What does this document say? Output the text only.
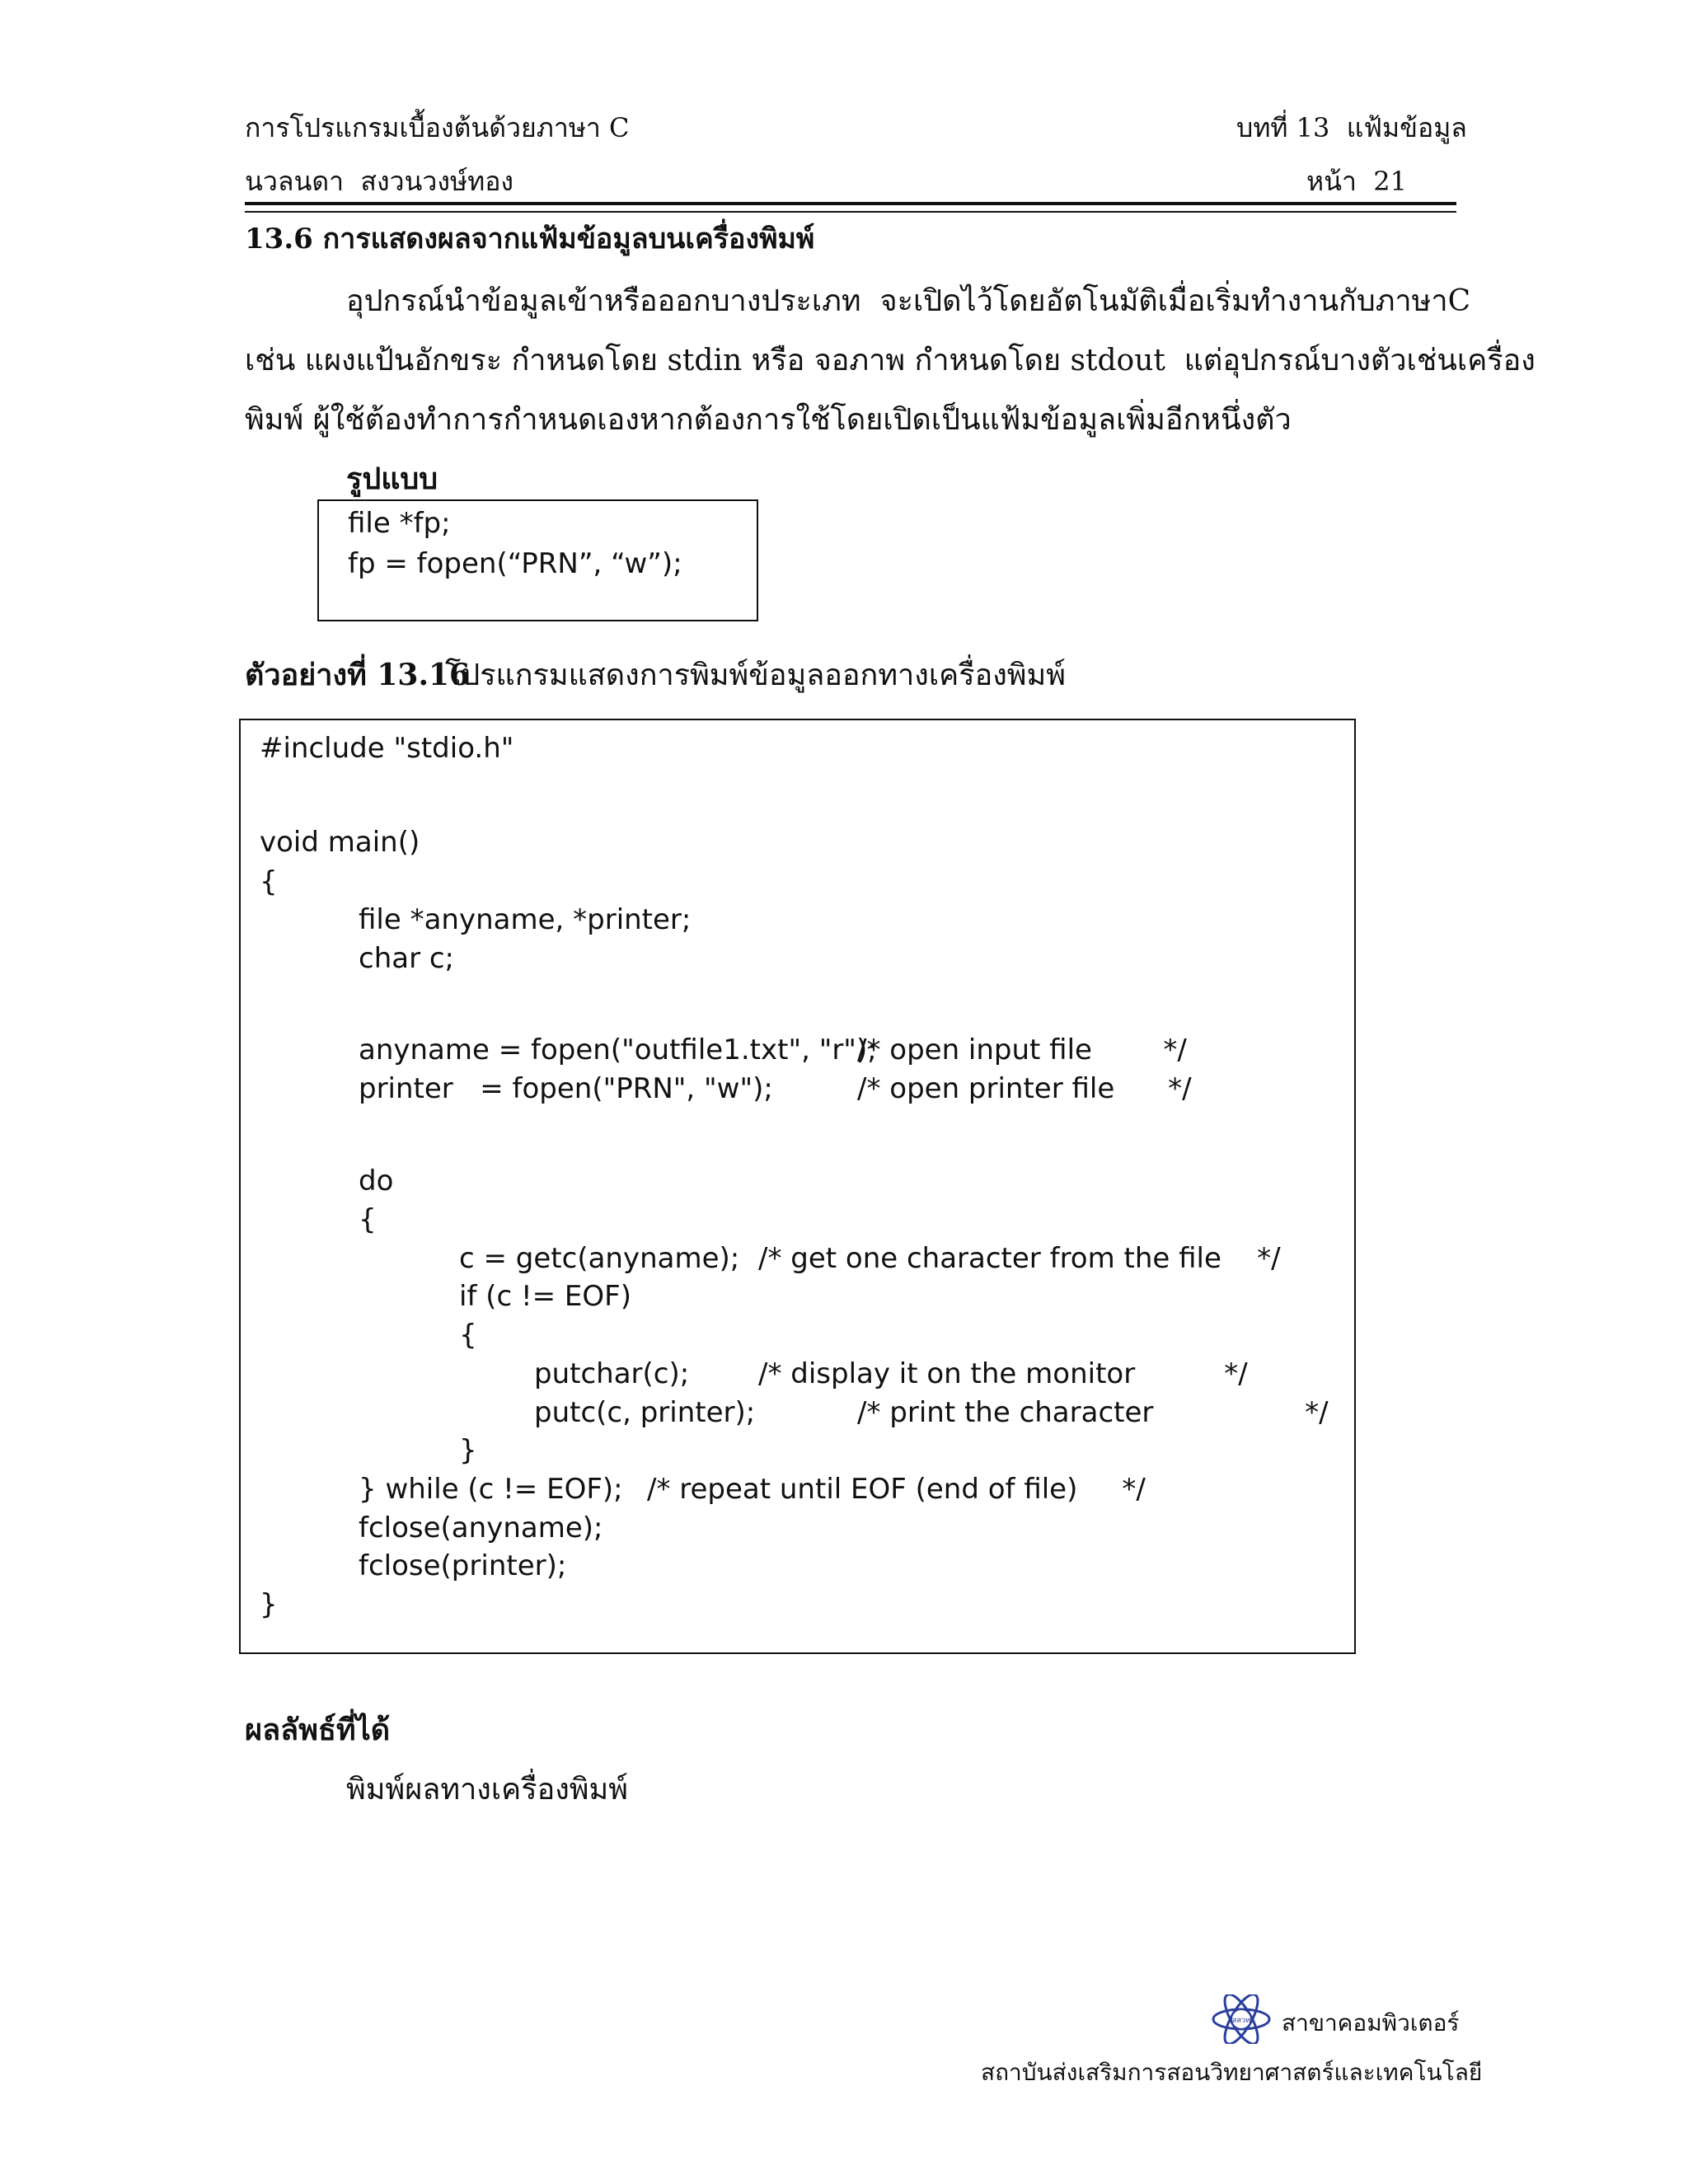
การโปรแกรมเบื้องต้นด้วยภาษา C	บทที่ 13  แฟ้มข้อมูล
นวลนดา  สงวนวงษ์ทอง	หน้า  21
13.6 การแสดงผลจากแฟ้มข้อมูลบนเครื่องพิมพ์
อุปกรณ์นำข้อมูลเข้าหรือออกบางประเภท  จะเปิดไว้โดยอัตโนมัติเมื่อเริ่มทำงานกับภาษาC
เช่น แผงแป้นอักขระ กำหนดโดย stdin หรือ จอภาพ กำหนดโดย stdout  แต่อุปกรณ์บางตัวเช่นเครื่อง
พิมพ์ ผู้ใช้ต้องทำการกำหนดเองหากต้องการใช้โดยเปิดเป็นแฟ้มข้อมูลเพิ่มอีกหนึ่งตัว
รูปแบบ
file *fp;
fp = fopen(“PRN”, “w”);
ตัวอย่างที่ 13.16
โปรแกรมแสดงการพิมพ์ข้อมูลออกทางเครื่องพิมพ์
#include "stdio.h"
void main()
{
file *anyname, *printer;
char c;
anyname = fopen("outfile1.txt", "r");
/* open input file        */
printer   = fopen("PRN", "w");	/* open printer file      */
do
{
c = getc(anyname); /* get one character from the file    */
if (c != EOF)
{
putchar(c); /* display it on the monitor          */
putc(c, printer);	/* print the character                 */
}
} while (c != EOF); /* repeat until EOF (end of file)     */
fclose(anyname);
fclose(printer);
}
ผลลัพธ์ที่ได้
พิมพ์ผลทางเครื่องพิมพ์
สสวท สาขาคอมพิวเตอร์
สถาบันส่งเสริมการสอนวิทยาศาสตร์และเทคโนโลยี
